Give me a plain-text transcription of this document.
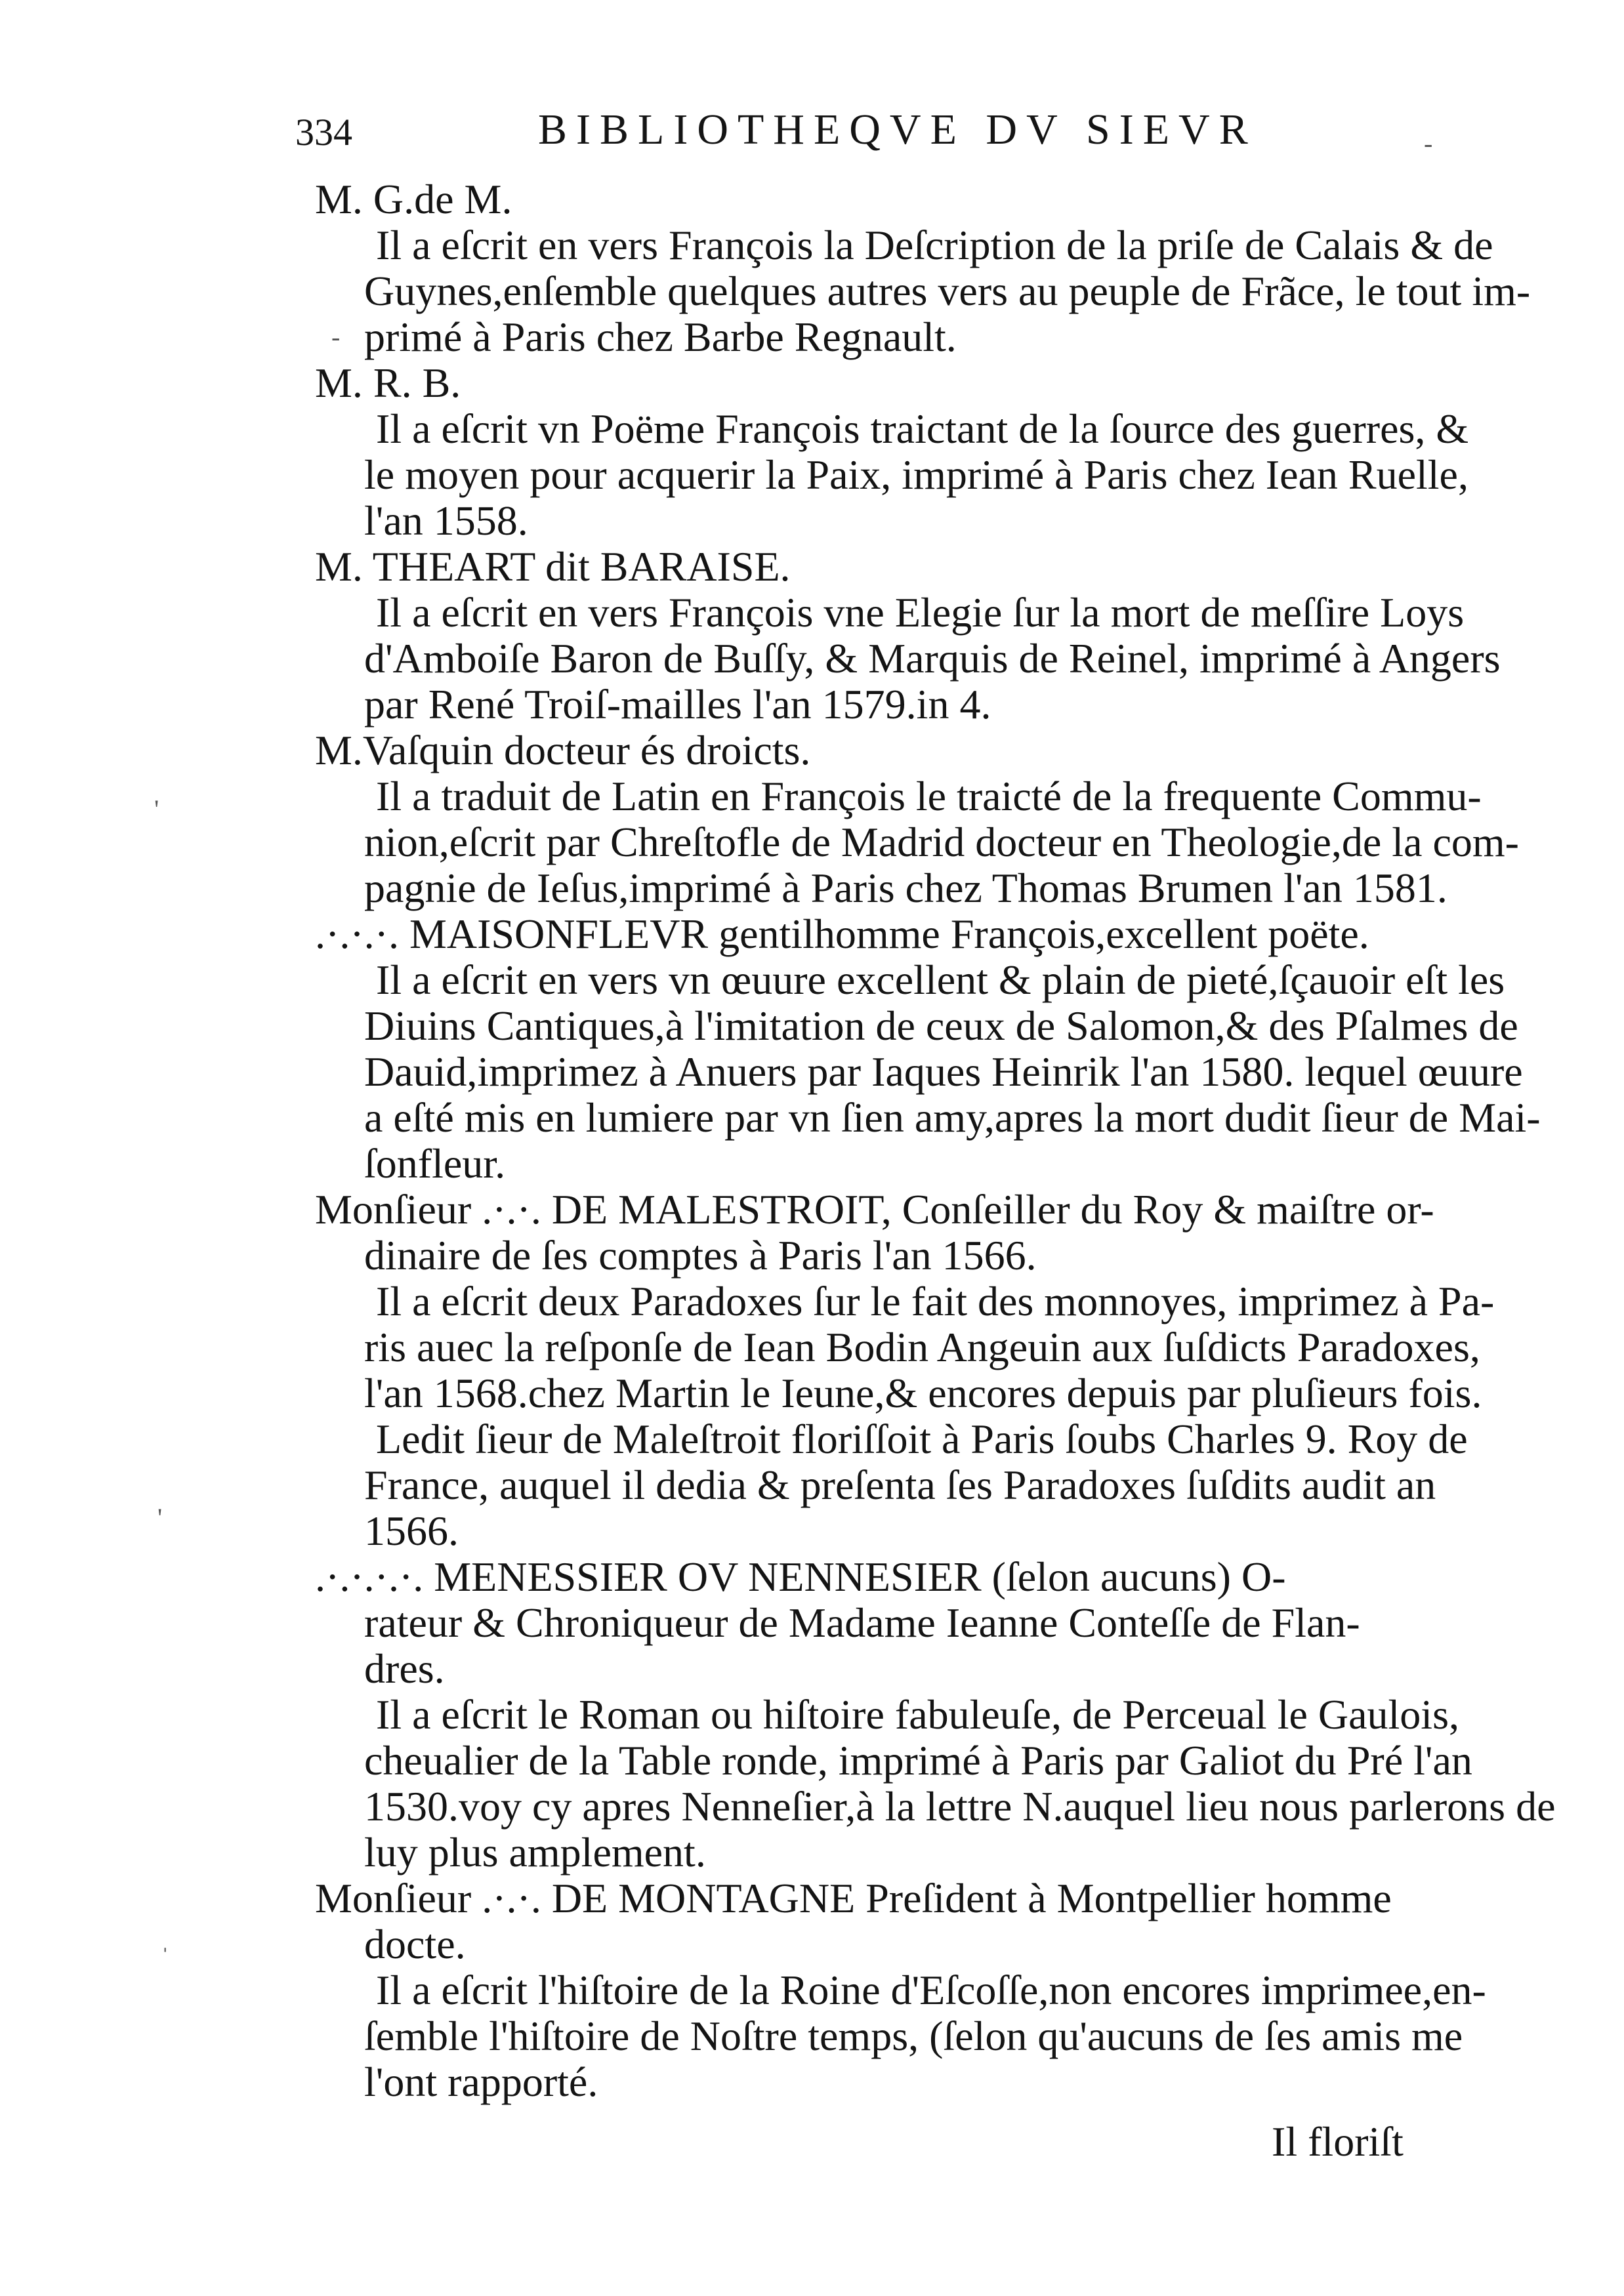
334	BIBLIOTHEQVE DV SIEVR
M. G.de M.
Il a eſcrit en vers François la Deſcription de la priſe de Calais & de
Guynes,enſemble quelques autres vers au peuple de Frãce, le tout im-
primé à Paris chez Barbe Regnault.
M. R. B.
Il a eſcrit vn Poëme François traictant de la ſource des guerres, &
le moyen pour acquerir la Paix, imprimé à Paris chez Iean Ruelle,
l'an 1558.
M. THEART dit BARAISE.
Il a eſcrit en vers François vne Elegie ſur la mort de meſſire Loys
d'Amboiſe Baron de Buſſy, & Marquis de Reinel, imprimé à Angers
par René Troiſ-mailles l'an 1579.in 4.
M.Vaſquin docteur és droicts.
Il a traduit de Latin en François le traicté de la frequente Commu-
nion,eſcrit par Chreſtofle de Madrid docteur en Theologie,de la com-
pagnie de Ieſus,imprimé à Paris chez Thomas Brumen l'an 1581.
.·.·.·. MAISONFLEVR gentilhomme François,excellent poëte.
Il a eſcrit en vers vn œuure excellent & plain de pieté,ſçauoir eſt les
Diuins Cantiques,à l'imitation de ceux de Salomon,& des Pſalmes de
Dauid,imprimez à Anuers par Iaques Heinrik l'an 1580. lequel œuure
a eſté mis en lumiere par vn ſien amy,apres la mort dudit ſieur de Mai-
ſonfleur.
Monſieur .·.·. DE MALESTROIT, Conſeiller du Roy & maiſtre or-
dinaire de ſes comptes à Paris l'an 1566.
Il a eſcrit deux Paradoxes ſur le fait des monnoyes, imprimez à Pa-
ris auec la reſponſe de Iean Bodin Angeuin aux ſuſdicts Paradoxes,
l'an 1568.chez Martin le Ieune,& encores depuis par pluſieurs fois.
Ledit ſieur de Maleſtroit floriſſoit à Paris ſoubs Charles 9. Roy de
France, auquel il dedia & preſenta ſes Paradoxes ſuſdits audit an
1566.
.·.·.·.·. MENESSIER OV NENNESIER (ſelon aucuns) O-
rateur & Chroniqueur de Madame Ieanne Conteſſe de Flan-
dres.
Il a eſcrit le Roman ou hiſtoire fabuleuſe, de Perceual le Gaulois,
cheualier de la Table ronde, imprimé à Paris par Galiot du Pré l'an
1530.voy cy apres Nenneſier,à la lettre N.auquel lieu nous parlerons de
luy plus amplement.
Monſieur .·.·. DE MONTAGNE Preſident à Montpellier homme
docte.
Il a eſcrit l'hiſtoire de la Roine d'Eſcoſſe,non encores imprimee,en-
ſemble l'hiſtoire de Noſtre temps, (ſelon qu'aucuns de ſes amis me
l'ont rapporté.
Il floriſt
-
-
'
'
ˈ
